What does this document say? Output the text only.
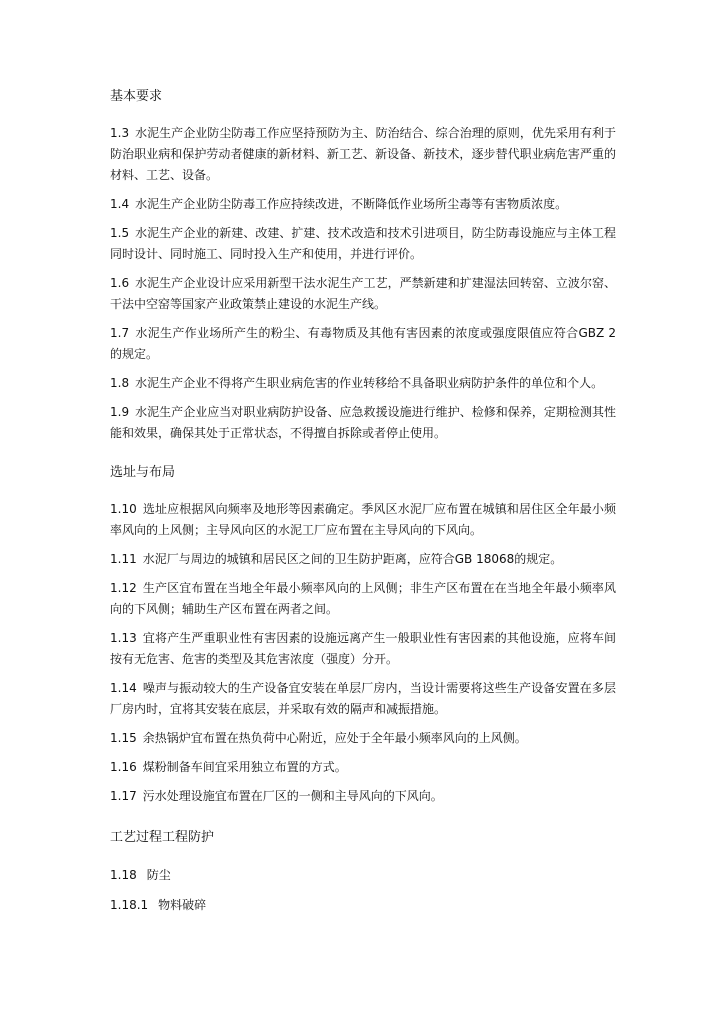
基本要求

1.3 水泥生产企业防尘防毒工作应坚持预防为主、防治结合、综合治理的原则，优先采用有利于防治职业病和保护劳动者健康的新材料、新工艺、新设备、新技术，逐步替代职业病危害严重的材料、工艺、设备。

1.4 水泥生产企业防尘防毒工作应持续改进，不断降低作业场所尘毒等有害物质浓度。

1.5 水泥生产企业的新建、改建、扩建、技术改造和技术引进项目，防尘防毒设施应与主体工程同时设计、同时施工、同时投入生产和使用，并进行评价。

1.6 水泥生产企业设计应采用新型干法水泥生产工艺，严禁新建和扩建湿法回转窑、立波尔窑、干法中空窑等国家产业政策禁止建设的水泥生产线。

1.7 水泥生产作业场所产生的粉尘、有毒物质及其他有害因素的浓度或强度限值应符合GBZ 2的规定。

1.8 水泥生产企业不得将产生职业病危害的作业转移给不具备职业病防护条件的单位和个人。

1.9 水泥生产企业应当对职业病防护设备、应急救援设施进行维护、检修和保养，定期检测其性能和效果，确保其处于正常状态，不得擅自拆除或者停止使用。

选址与布局

1.10 选址应根据风向频率及地形等因素确定。季风区水泥厂应布置在城镇和居住区全年最小频率风向的上风侧；主导风向区的水泥工厂应布置在主导风向的下风向。

1.11 水泥厂与周边的城镇和居民区之间的卫生防护距离，应符合GB 18068的规定。

1.12 生产区宜布置在当地全年最小频率风向的上风侧；非生产区布置在在当地全年最小频率风向的下风侧；辅助生产区布置在两者之间。

1.13 宜将产生严重职业性有害因素的设施远离产生一般职业性有害因素的其他设施，应将车间按有无危害、危害的类型及其危害浓度（强度）分开。

1.14 噪声与振动较大的生产设备宜安装在单层厂房内，当设计需要将这些生产设备安置在多层厂房内时，宜将其安装在底层，并采取有效的隔声和减振措施。

1.15 余热锅炉宜布置在热负荷中心附近，应处于全年最小频率风向的上风侧。

1.16 煤粉制备车间宜采用独立布置的方式。

1.17 污水处理设施宜布置在厂区的一侧和主导风向的下风向。

工艺过程工程防护

1.18 防尘

1.18.1 物料破碎
